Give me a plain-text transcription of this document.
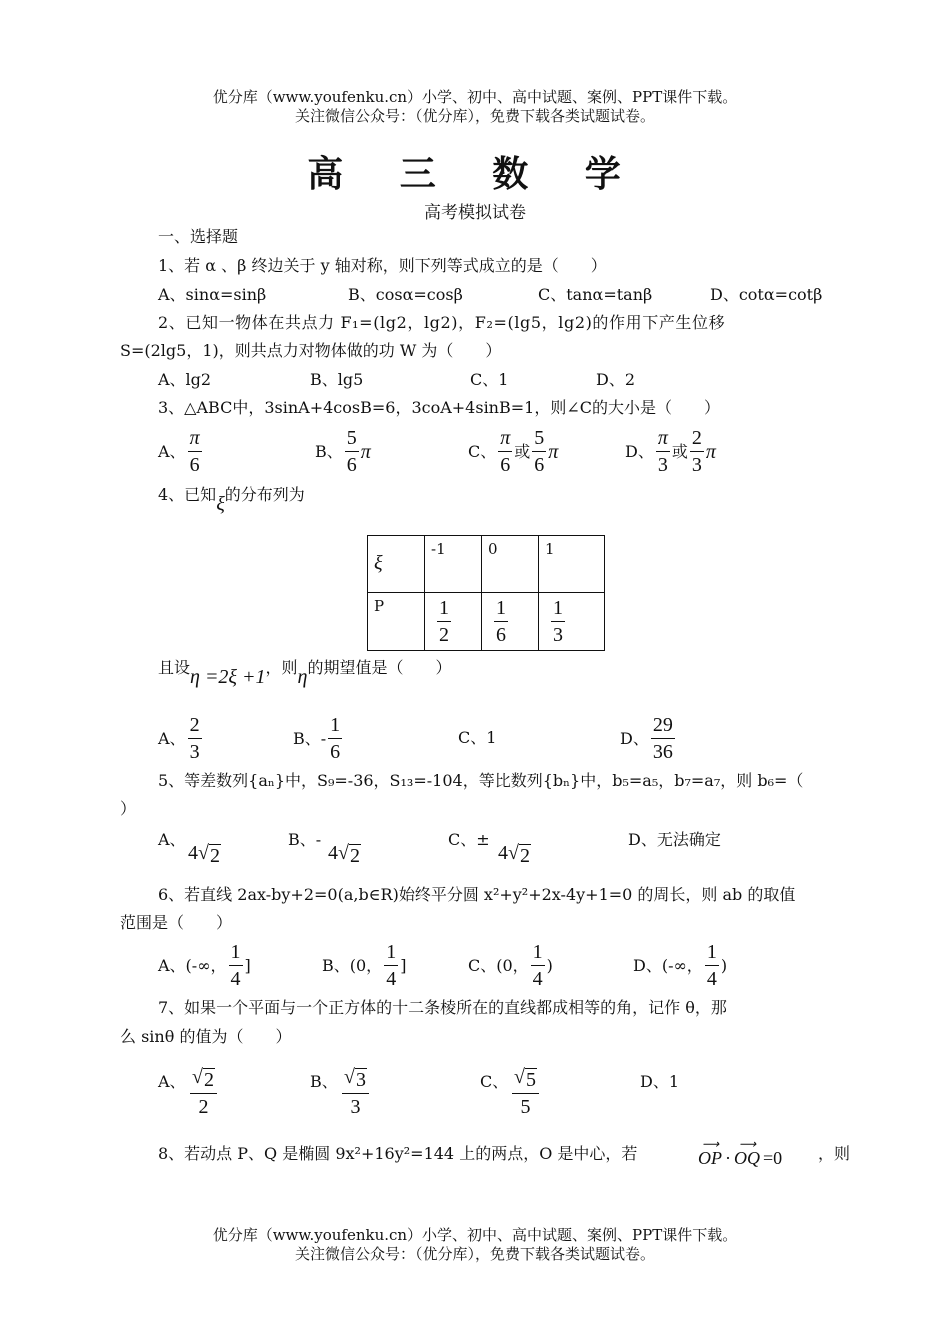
优分库（www.youfenku.cn）小学、初中、高中试题、案例、PPT课件下载。
关注微信公众号：（优分库），免费下载各类试题试卷。
高 三 数 学
高考模拟试卷
一、选择题
1、若 α 、β 终边关于 y 轴对称，则下列等式成立的是（　　）
A、sinα=sinβ	B、cosα=cosβ	C、tanα=tanβ	D、cotα=cotβ
2、已知一物体在共点力 F₁=(lg2，lg2)，F₂=(lg5，lg2)的作用下产生位移
S=(2lg5，1)，则共点力对物体做的功 W 为（　　）
A、lg2	B、lg5	C、1	D、2
3、△ABC中，3sinA+4cosB=6，3coA+4sinB=1，则∠C的大小是（　　）
A、 $\frac{\pi}{6}$	B、 $\frac{5}{6}$ π	C、 $\frac{\pi}{6}$ 或 $\frac{5}{6}$ π	D、 $\frac{\pi}{3}$ 或 $\frac{2}{3}$ π
4、已知ξ的分布列为
ξ	-1	0	1
P	$\frac{1}{2}$	$\frac{1}{6}$	$\frac{1}{3}$
且设η =2ξ +1，则η的期望值是（　　）
A、 $\frac{2}{3}$	B、- $\frac{1}{6}$	C、1	D、 $\frac{29}{36}$
5、等差数列{aₙ}中，S₉=-36，S₁₃=-104，等比数列{bₙ}中，b₅=a₅，b₇=a₇，则 b₆=（
）
A、
4 √ 2
B、-
4 √ 2
C、±
4 √ 2
D、无法确定
6、若直线 2ax-by+2=0(a,b∈R)始终平分圆 x²+y²+2x-4y+1=0 的周长，则 ab 的取值
范围是（　　）
A、(-∞， $\frac{1}{4}$ ]	B、(0， $\frac{1}{4}$ ]	C、(0， $\frac{1}{4}$ )	D、(-∞， $\frac{1}{4}$ )
7、如果一个平面与一个正方体的十二条棱所在的直线都成相等的角，记作 θ，那
么 sinθ 的值为（　　）
A、 $\frac{√ 2}{2}$	B、 $\frac{√ 3}{3}$	C、 $\frac{√ 5}{5}$	D、1
8、若动点 P、Q 是椭圆 9x²+16y²=144 上的两点，O 是中心，若	⟶
OP ·
⟶
OQ =0 ，则
优分库（www.youfenku.cn）小学、初中、高中试题、案例、PPT课件下载。
关注微信公众号：（优分库），免费下载各类试题试卷。
